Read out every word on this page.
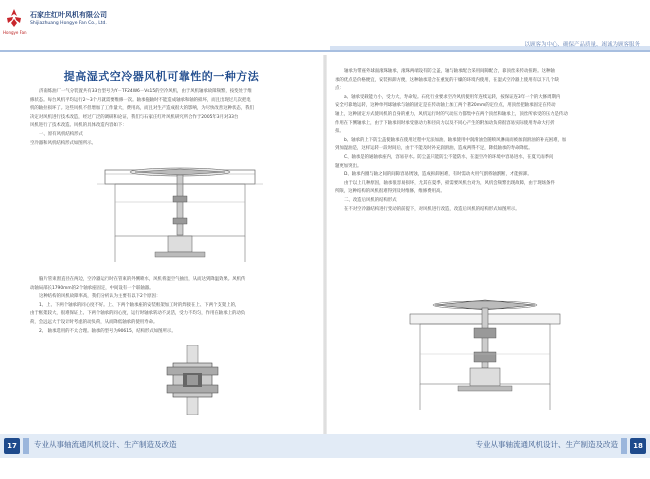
Hongye Fan
石家庄红叶风机有限公司
Shijiazhuang Hongye Fan Co., Ltd.
以顾客为中心、确保产品质量、竭诚为顾客服务
提高湿式空冷器风机可靠性的一种方法

济南炼油厂一气分装置共有33台型号为Y－TF24W6－Vs15的空冷风机，由于风机轴承故障频繁，按变处于维

修状态。每台风机平均运行2～3个月就需要维修一次。轴承拖轴时不能造成轴承和轴的损坏，而且出现过几次把电

机的轴拉损坏了。这些风机不但增加了工作量大，费用高，而且对生产造成很大的影响，为尽快改善这种状态，我们

决定对风机进行技术改造，经过广泛的调研和论证，我们与石家庄红叶风机研究所合作于2005年3月对33台

风机进行了技术改造。风机的具体改造内容如下：

一、原有风机结构形式

空冷器和风机结构形式如图所示。

脑片管束窗直径在两边，空冷器运行时在管束的外侧喷水，风机将湿空气抽出，从而达到降温效果。风机传

动轴局部长1790mm的2个轴承座固定，中间设有一个联轴器。

这种结构的风机故障率高，我们分析认为主要有以下2个原因：

1、上、下两个轴承的同心度不好。上、下两个轴承座的安装框架加工时的焊接在上、下两个支架上的，

由于框架较大，很难保证上、下两个轴承的同心度，运行时轴承转动不灵活，受力不均匀，作用在轴承上的动负

荷，会远远大于设计时考虑的动负荷，从而降低轴承的使用寿命。

2、 轴承选用的不太合理。轴承的型号为90615，结构形式如图所示。

轴承为带座外球面滚珠轴承，滚珠两端设有防尘盖，轴与轴承配合采用间隙配合，靠顶丝来传动扭距。这种轴

承的优点是价格便宜，安装拆卸方便，这种轴承适合在重复的干燥的环境内使用，在湿式空冷器上使用有以下几个缺

点：

a、轴承受载能力小，受力大，寿命短。石化行业要求空冷风机使用年连续运转，按保证连3年一个的大修周期内

安全可靠地运转，这种单列球轴承与轴的固定是在传动轴上加工两个著20mm的定位点，用顶丝把轴承固定在传动

轴上，这种固定方式使风机的自身的重力，风机运行时的气动压力都集中在两个顶丝和轴承上，顶丝所承受的压力是传动

作用在下侧轴承上，由于下轴承同时承受驱动力和径向力以及不同心产生的附加动负荷很容易实际使用寿命大打折

扣。

b、轴承的上下防尘盖使轴承在使用过程中无法加油，轴承使用中润滑油会随喷风淋雨而被加润滑油的补充困难，加

到加湿油是，这样运转一段时间后，由于不能及时补充润滑油，造成两得不足，降低轴承的寿命降低。

C、轴承是的通轴承座内，容易存水。防尘盖只能防尘不能防水，在湿空冷的环境中容易进水，在夏天雨季问

题更加突出。

D、轴承内圈与轴之间的间隙容易锈蚀，造成拆卸困难，有时需动火用气割将轴割断，才能拆卸。

由于以上几种原因，轴承很容易损坏，尤其在夏季，损需要风机台对为，风机会频繁出现故障，由于现场条件

所限，这种结构的风机很难得到及时维修，维修费用高。

二、改造后风机的结构形式

在不对空冷器结构进行变动的前提下，对风机进行改造，改造后风机的结构形式如图所示。

17	专业从事轴流通风机设计、生产制造及改造	专业从事轴流通风机设计、生产制造及改造	18
